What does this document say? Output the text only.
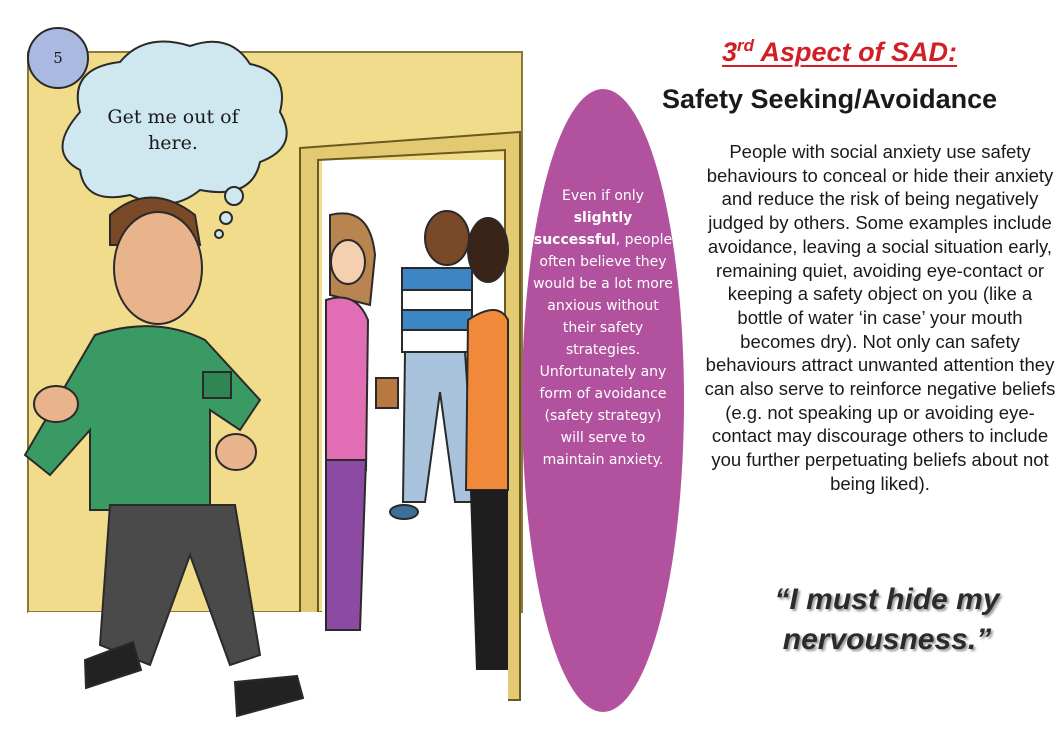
5
Get me out of here.
Even if only slightly successful, people often believe they would be a lot more anxious without their safety strategies. Unfortunately any form of avoidance (safety strategy) will serve to maintain anxiety.
3rd Aspect of SAD:
Safety Seeking/Avoidance
People with social anxiety use safety behaviours to conceal or hide their anxiety and reduce the risk of being negatively judged by others. Some examples include avoidance, leaving a social situation early, remaining quiet, avoiding eye-contact or keeping a safety object on you (like a bottle of water ‘in case’ your mouth becomes dry). Not only can safety behaviours attract unwanted attention they can also serve to reinforce negative beliefs (e.g. not speaking up or avoiding eye-contact may discourage others to include you further perpetuating beliefs about not being liked).
“I must hide my nervousness.”
